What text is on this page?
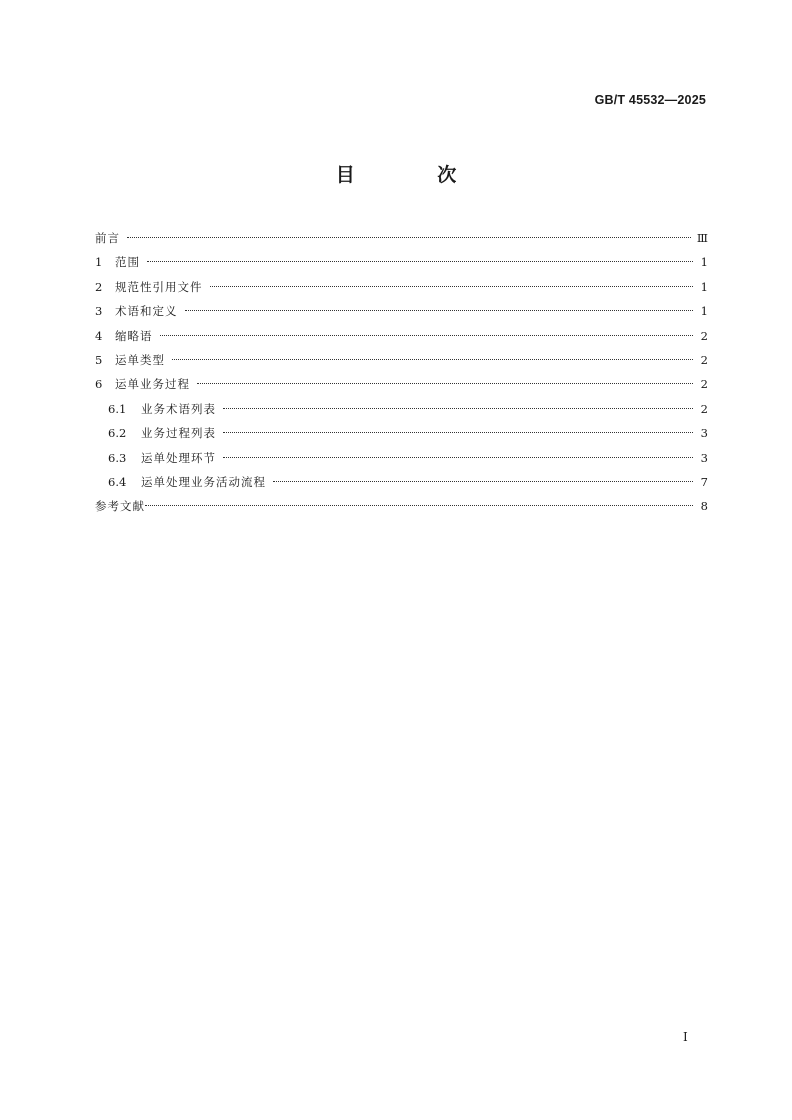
GB/T 45532—2025
目 次
前言	Ⅲ
1	范围	1
2	规范性引用文件	1
3	术语和定义	1
4	缩略语	2
5	运单类型	2
6	运单业务过程	2
6.1	业务术语列表	2
6.2	业务过程列表	3
6.3	运单处理环节	3
6.4	运单处理业务活动流程	7
参考文献	8
I
